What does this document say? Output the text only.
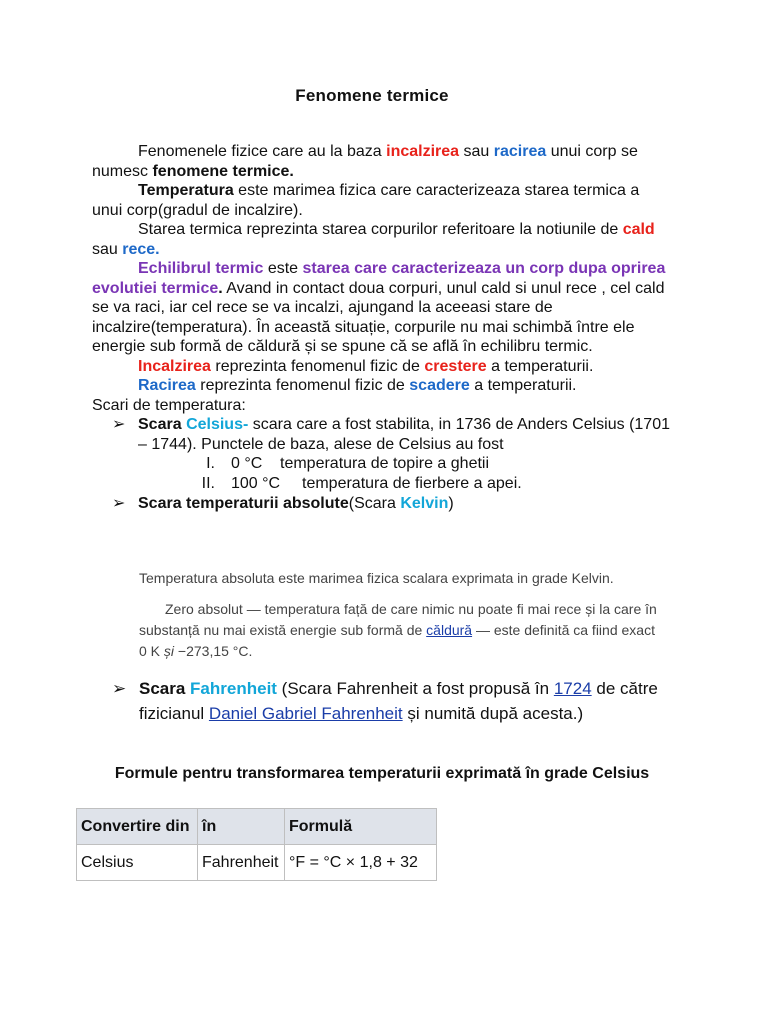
Fenomene termice

Fenomenele fizice care au la baza incalzirea sau racirea unui corp se numesc fenomene termice.

Temperatura este marimea fizica care caracterizeaza starea termica a unui corp(gradul de incalzire).

Starea termica reprezinta starea corpurilor referitoare la notiunile de cald sau rece.

Echilibrul termic este starea care caracterizeaza un corp dupa oprirea evolutiei termice. Avand in contact doua corpuri, unul cald si unul rece , cel cald se va raci, iar cel rece se va incalzi, ajungand la aceeasi stare de incalzire(temperatura). În această situație, corpurile nu mai schimbă între ele energie sub formă de căldură și se spune că se află în echilibru termic.

Incalzirea reprezinta fenomenul fizic de crestere a temperaturii.

Racirea reprezinta fenomenul fizic de scadere a temperaturii.

Scari de temperatura:

➢ Scara Celsius- scara care a fost stabilita, in 1736 de Anders Celsius (1701 – 1744). Punctele de baza, alese de Celsius au fost
I. 0 °C temperatura de topire a ghetii
II. 100 °C temperatura de fierbere a apei.
➢ Scara temperaturii absolute(Scara Kelvin)
Temperatura absoluta este marimea fizica scalara exprimata in grade Kelvin.
Zero absolut — temperatura față de care nimic nu poate fi mai rece și la care în substanță nu mai există energie sub formă de căldură — este definită ca fiind exact 0 K și −273,15 °C.
➢ Scara Fahrenheit (Scara Fahrenheit a fost propusă în 1724 de către fizicianul Daniel Gabriel Fahrenheit și numită după acesta.)
Formule pentru transformarea temperaturii exprimată în grade Celsius
Convertire din	în	Formulă
Celsius	Fahrenheit	°F = °C × 1,8 + 32
